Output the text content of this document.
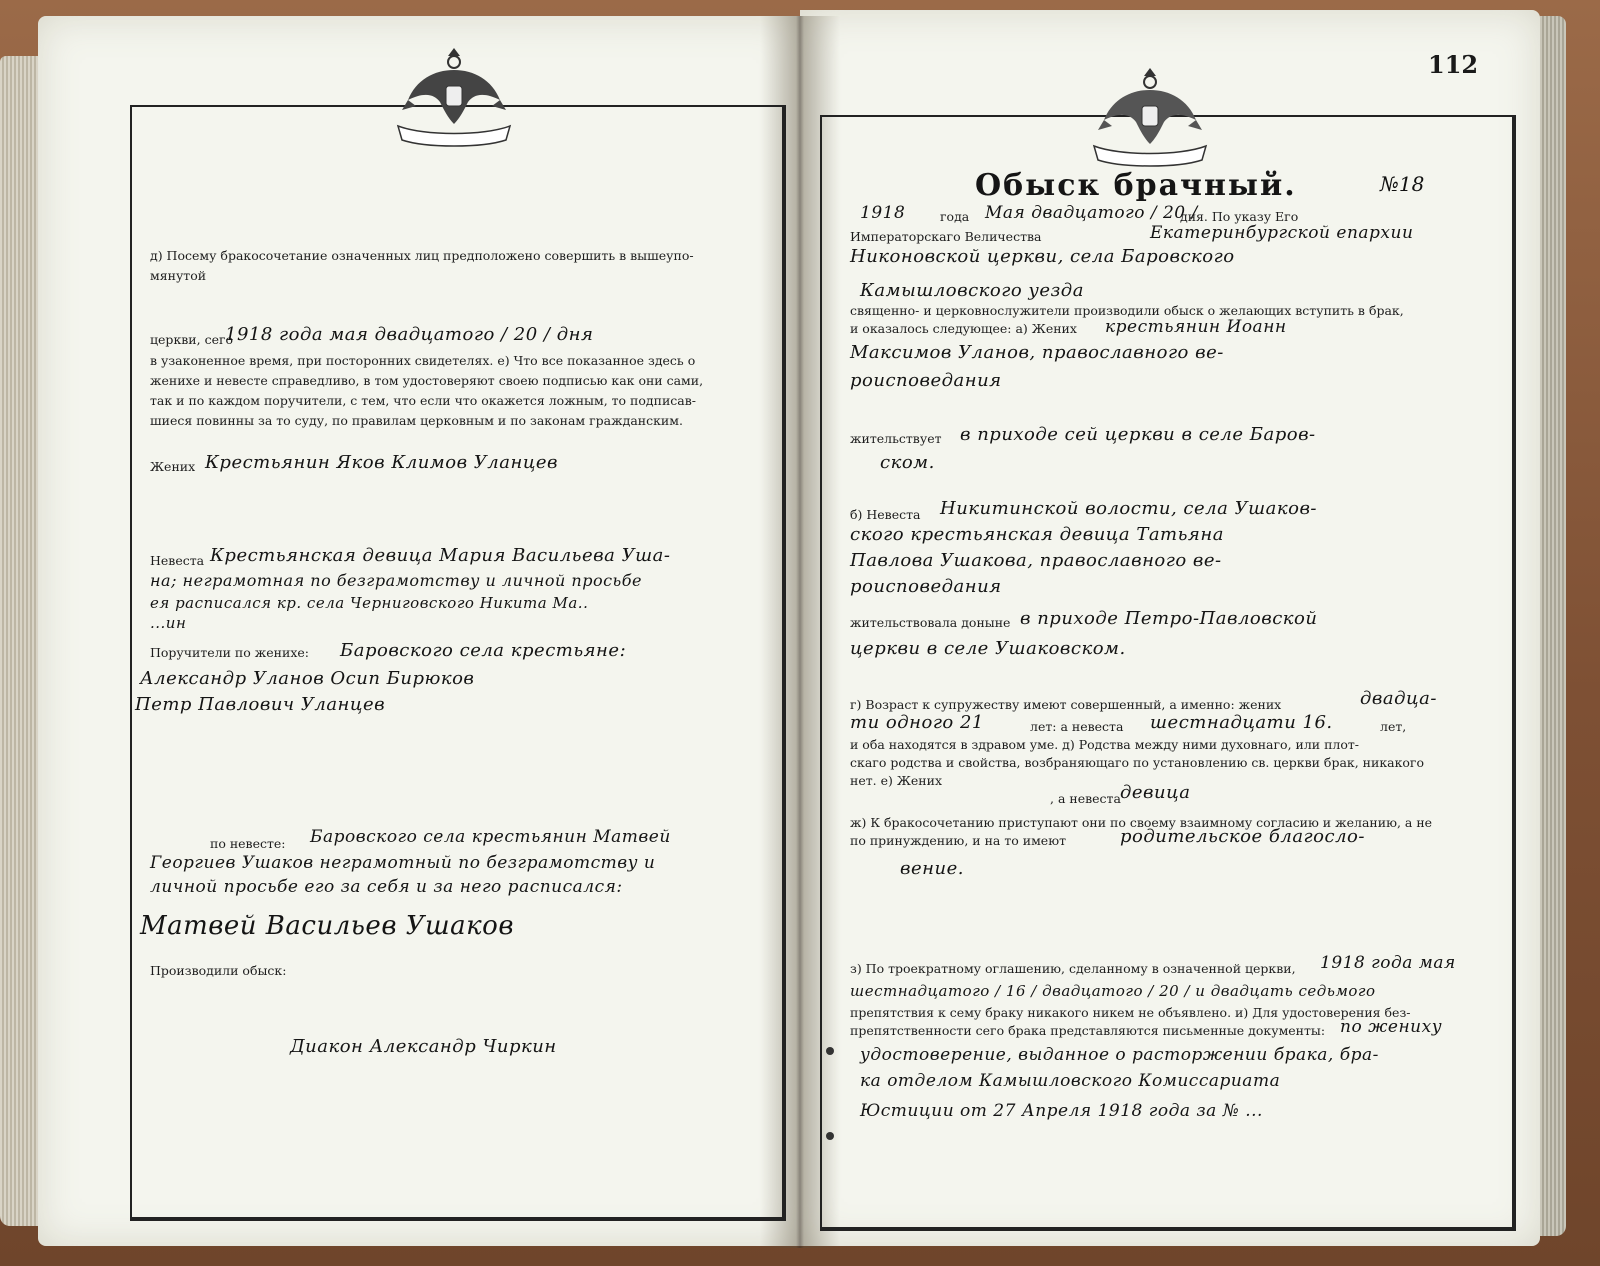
112
Обыск брачный.	№18
д) Посему бракосочетание означенных лиц предположено совершить в вышеупо-
мянутой
церкви, сего
1918 года мая двадцатого / 20 / дня
в узаконенное время, при посторонних свидетелях. е) Что все показанное здесь о
женихе и невесте справедливо, в том удостоверяют своею подписью как они сами,
так и по каждом поручители, с тем, что если что окажется ложным, то подписав-
шиеся повинны за то суду, по правилам церковным и по законам гражданским.
Жених Крестьянин Яков Климов Уланцев
Невеста Крестьянская девица Мария Васильева Уша-
на; неграмотная по безграмотству и личной просьбе
ея расписался кр. села Черниговского Никита Ма..
...ин
Поручители по женихе: Баровского села крестьяне:
Александр Уланов Осип Бирюков
Петр Павлович Уланцев
по невесте: Баровского села крестьянин Матвей
Георгиев Ушаков неграмотный по безграмотству и
личной просьбе его за себя и за него расписался:
Матвей Васильев Ушаков
Производили обыск:
Диакон Александр Чиркин
1918	года Мая двадцатого / 20 /
дня. По указу Его
Императорскаго Величества	Екатеринбургской епархии
Никоновской церкви, села Баровского
Камышловского уезда
священно- и церковнослужители производили обыск о желающих вступить в брак,
и оказалось следующее: а) Жених крестьянин Иоанн
Максимов Уланов, православного ве-
роисповедания
жительствует в приходе сей церкви в селе Баров-
ском.
б) Невеста Никитинской волости, села Ушаков-
ского крестьянская девица Татьяна
Павлова Ушакова, православного ве-
роисповедания
жительствовала доныне в приходе Петро-Павловской
церкви в селе Ушаковском.
г) Возраст к супружеству имеют совершенный, а именно: жених	двадца-
ти одного 21	лет: а невеста шестнадцати 16.	лет,
и оба находятся в здравом уме. д) Родства между ними духовнаго, или плот-
скаго родства и свойства, возбраняющаго по установлению св. церкви брак, никакого
нет. е) Жених
, а невеста девица
ж) К бракосочетанию приступают они по своему взаимному согласию и желанию, а не
по принуждению, и на то имеют	родительское благосло-
вение.
з) По троекратному оглашению, сделанному в означенной церкви, 1918 года мая
шестнадцатого / 16 / двадцатого / 20 / и двадцать седьмого
препятствия к сему браку никакого никем не объявлено. и) Для удостоверения без-
препятственности сего брака представляются письменные документы: по жениху
удостоверение, выданное о расторжении брака, бра-
ка отделом Камышловского Комиссариата
Юстиции от 27 Апреля 1918 года за № ...
